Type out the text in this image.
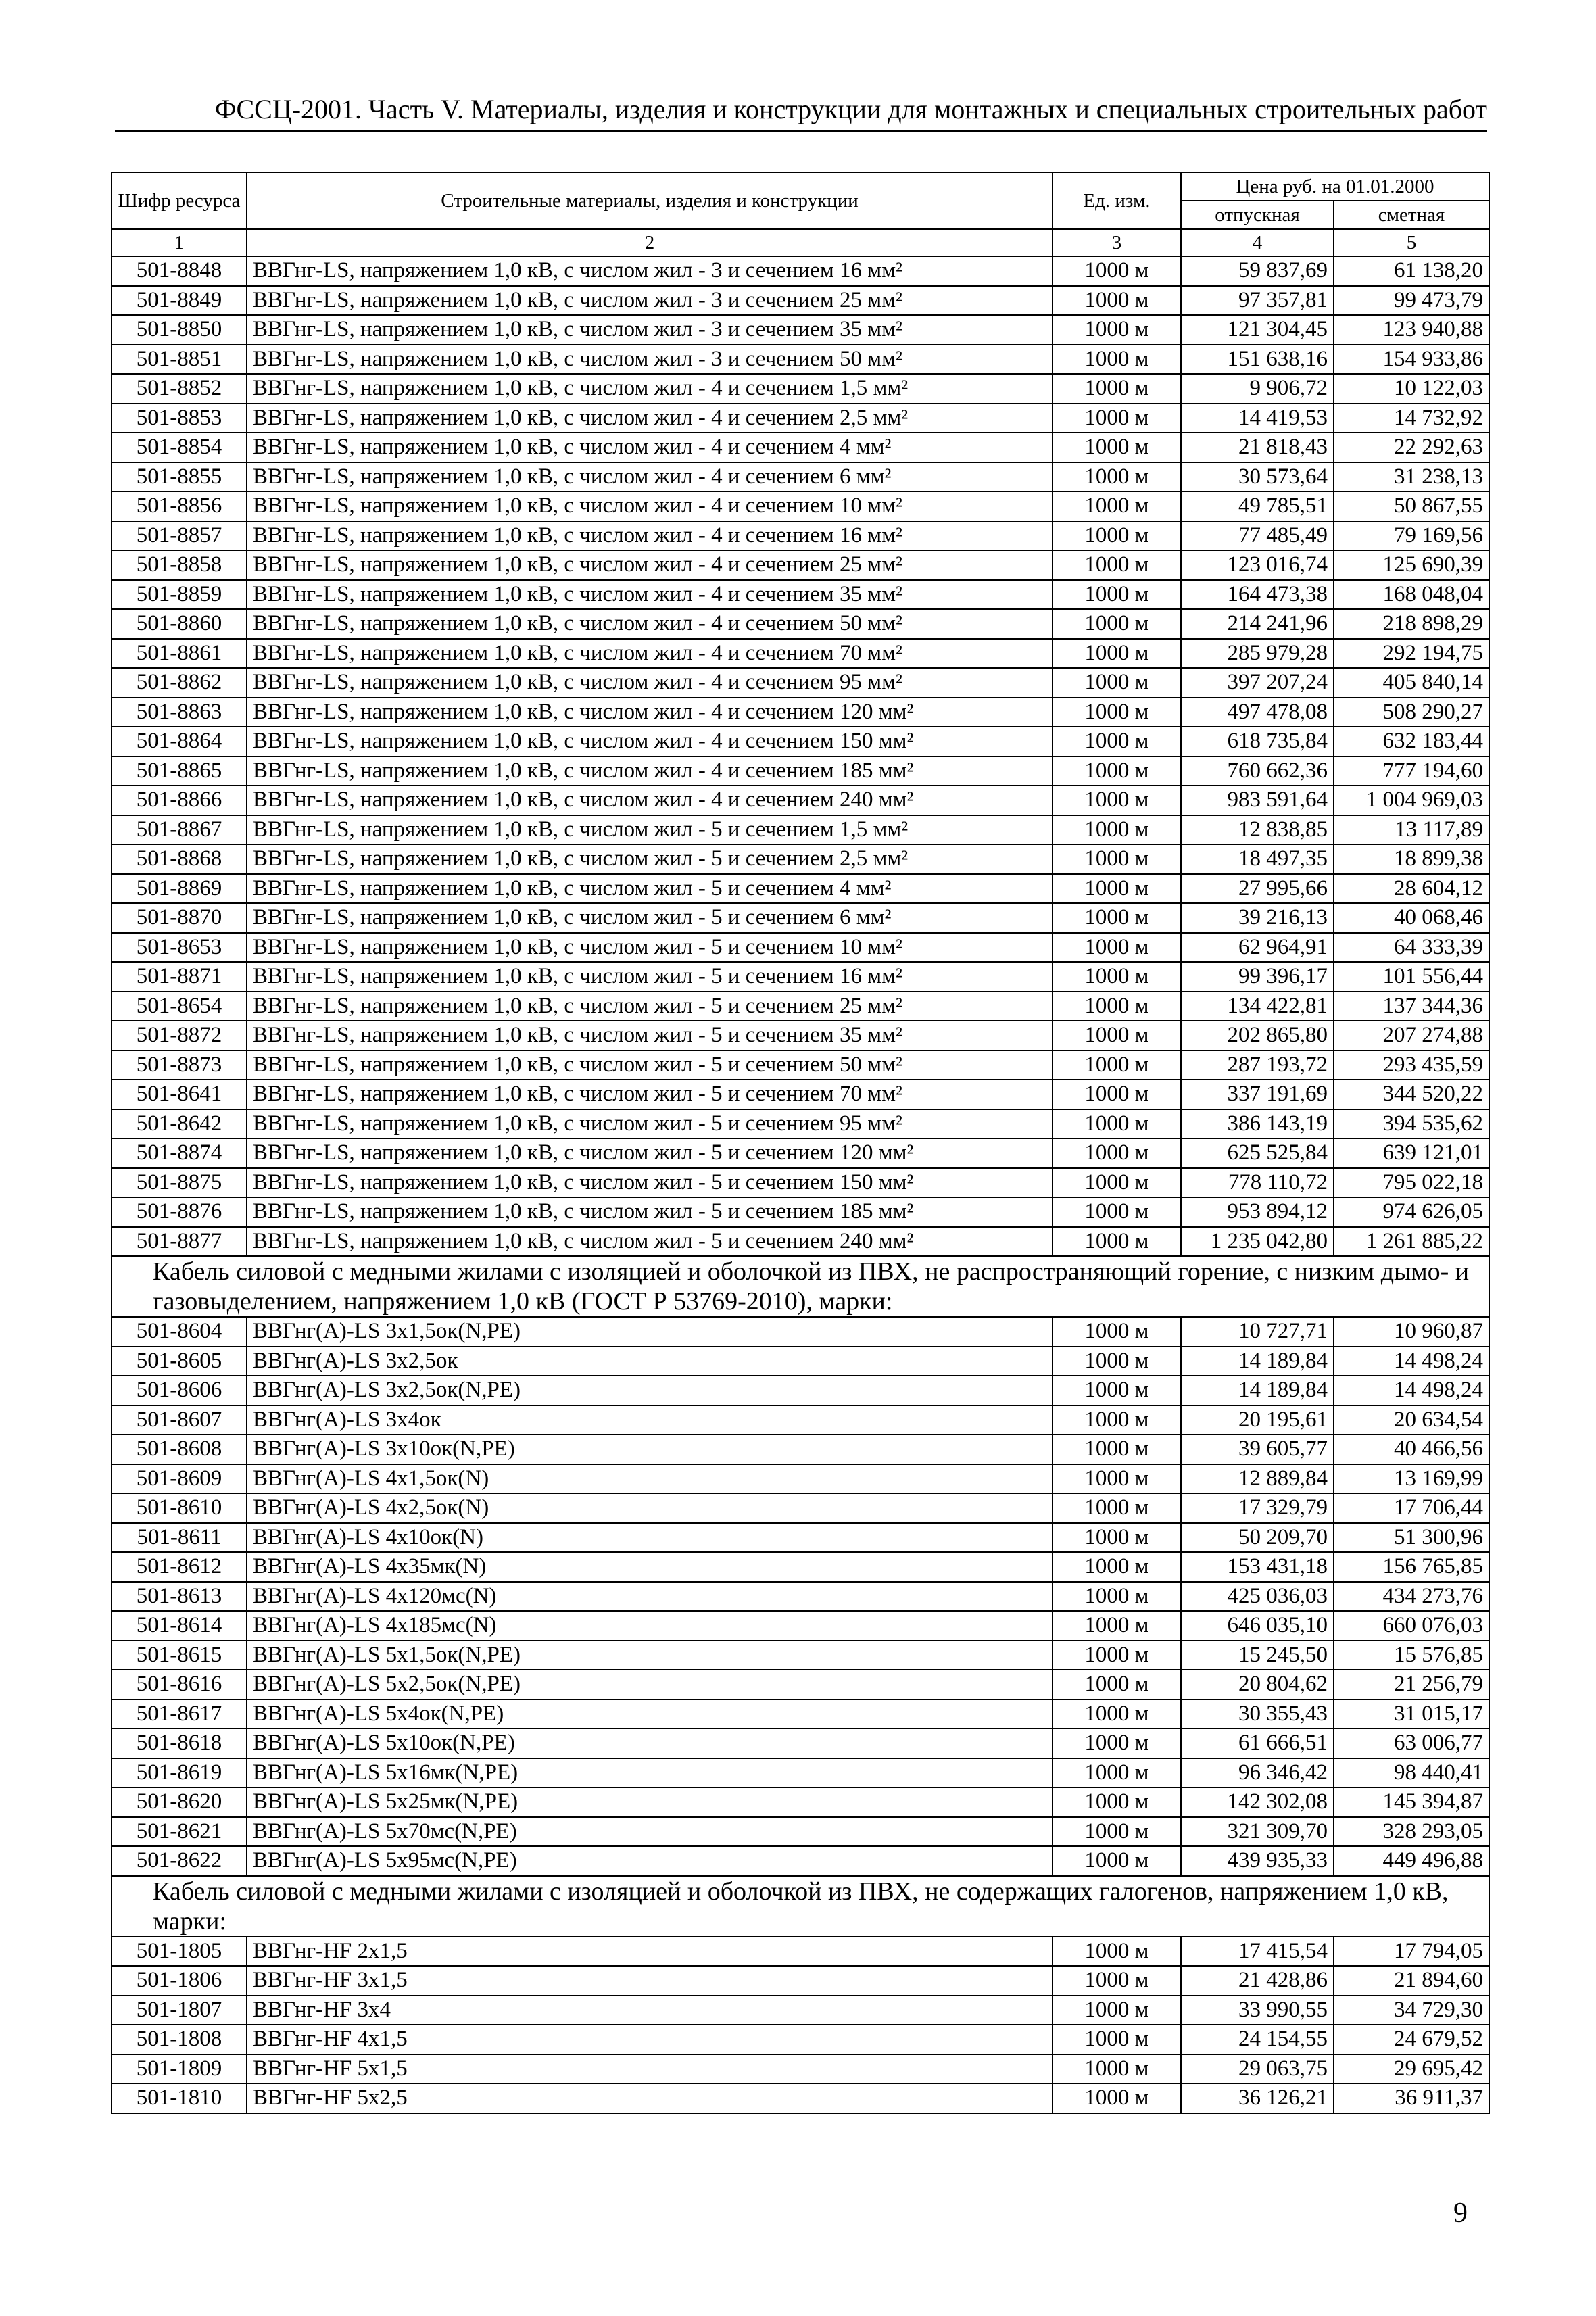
ФССЦ-2001. Часть V. Материалы, изделия и конструкции для монтажных и специальных строительных работ
Шифр ресурса	Строительные материалы, изделия и конструкции	Ед. изм.	Цена руб. на 01.01.2000	
			отпускная	сметная
1	2	3	4	5
501-8848	ВВГнг-LS, напряжением 1,0 кВ, с числом жил - 3 и сечением 16 мм²	1000 м	59 837,69	61 138,20
501-8849	ВВГнг-LS, напряжением 1,0 кВ, с числом жил - 3 и сечением 25 мм²	1000 м	97 357,81	99 473,79
501-8850	ВВГнг-LS, напряжением 1,0 кВ, с числом жил - 3 и сечением 35 мм²	1000 м	121 304,45	123 940,88
501-8851	ВВГнг-LS, напряжением 1,0 кВ, с числом жил - 3 и сечением 50 мм²	1000 м	151 638,16	154 933,86
501-8852	ВВГнг-LS, напряжением 1,0 кВ, с числом жил - 4 и сечением 1,5 мм²	1000 м	9 906,72	10 122,03
501-8853	ВВГнг-LS, напряжением 1,0 кВ, с числом жил - 4 и сечением 2,5 мм²	1000 м	14 419,53	14 732,92
501-8854	ВВГнг-LS, напряжением 1,0 кВ, с числом жил - 4 и сечением 4 мм²	1000 м	21 818,43	22 292,63
501-8855	ВВГнг-LS, напряжением 1,0 кВ, с числом жил - 4 и сечением 6 мм²	1000 м	30 573,64	31 238,13
501-8856	ВВГнг-LS, напряжением 1,0 кВ, с числом жил - 4 и сечением 10 мм²	1000 м	49 785,51	50 867,55
501-8857	ВВГнг-LS, напряжением 1,0 кВ, с числом жил - 4 и сечением 16 мм²	1000 м	77 485,49	79 169,56
501-8858	ВВГнг-LS, напряжением 1,0 кВ, с числом жил - 4 и сечением 25 мм²	1000 м	123 016,74	125 690,39
501-8859	ВВГнг-LS, напряжением 1,0 кВ, с числом жил - 4 и сечением 35 мм²	1000 м	164 473,38	168 048,04
501-8860	ВВГнг-LS, напряжением 1,0 кВ, с числом жил - 4 и сечением 50 мм²	1000 м	214 241,96	218 898,29
501-8861	ВВГнг-LS, напряжением 1,0 кВ, с числом жил - 4 и сечением 70 мм²	1000 м	285 979,28	292 194,75
501-8862	ВВГнг-LS, напряжением 1,0 кВ, с числом жил - 4 и сечением 95 мм²	1000 м	397 207,24	405 840,14
501-8863	ВВГнг-LS, напряжением 1,0 кВ, с числом жил - 4 и сечением 120 мм²	1000 м	497 478,08	508 290,27
501-8864	ВВГнг-LS, напряжением 1,0 кВ, с числом жил - 4 и сечением 150 мм²	1000 м	618 735,84	632 183,44
501-8865	ВВГнг-LS, напряжением 1,0 кВ, с числом жил - 4 и сечением 185 мм²	1000 м	760 662,36	777 194,60
501-8866	ВВГнг-LS, напряжением 1,0 кВ, с числом жил - 4 и сечением 240 мм²	1000 м	983 591,64	1 004 969,03
501-8867	ВВГнг-LS, напряжением 1,0 кВ, с числом жил - 5 и сечением 1,5 мм²	1000 м	12 838,85	13 117,89
501-8868	ВВГнг-LS, напряжением 1,0 кВ, с числом жил - 5 и сечением 2,5 мм²	1000 м	18 497,35	18 899,38
501-8869	ВВГнг-LS, напряжением 1,0 кВ, с числом жил - 5 и сечением 4 мм²	1000 м	27 995,66	28 604,12
501-8870	ВВГнг-LS, напряжением 1,0 кВ, с числом жил - 5 и сечением 6 мм²	1000 м	39 216,13	40 068,46
501-8653	ВВГнг-LS, напряжением 1,0 кВ, с числом жил - 5 и сечением 10 мм²	1000 м	62 964,91	64 333,39
501-8871	ВВГнг-LS, напряжением 1,0 кВ, с числом жил - 5 и сечением 16 мм²	1000 м	99 396,17	101 556,44
501-8654	ВВГнг-LS, напряжением 1,0 кВ, с числом жил - 5 и сечением 25 мм²	1000 м	134 422,81	137 344,36
501-8872	ВВГнг-LS, напряжением 1,0 кВ, с числом жил - 5 и сечением 35 мм²	1000 м	202 865,80	207 274,88
501-8873	ВВГнг-LS, напряжением 1,0 кВ, с числом жил - 5 и сечением 50 мм²	1000 м	287 193,72	293 435,59
501-8641	ВВГнг-LS, напряжением 1,0 кВ, с числом жил - 5 и сечением 70 мм²	1000 м	337 191,69	344 520,22
501-8642	ВВГнг-LS, напряжением 1,0 кВ, с числом жил - 5 и сечением 95 мм²	1000 м	386 143,19	394 535,62
501-8874	ВВГнг-LS, напряжением 1,0 кВ, с числом жил - 5 и сечением 120 мм²	1000 м	625 525,84	639 121,01
501-8875	ВВГнг-LS, напряжением 1,0 кВ, с числом жил - 5 и сечением 150 мм²	1000 м	778 110,72	795 022,18
501-8876	ВВГнг-LS, напряжением 1,0 кВ, с числом жил - 5 и сечением 185 мм²	1000 м	953 894,12	974 626,05
501-8877	ВВГнг-LS, напряжением 1,0 кВ, с числом жил - 5 и сечением 240 мм²	1000 м	1 235 042,80	1 261 885,22
Кабель силовой с медными жилами с изоляцией и оболочкой из ПВХ, не распространяющий горение, с низким дымо- и газовыделением, напряжением 1,0 кВ (ГОСТ Р 53769-2010), марки:				
501-8604	ВВГнг(А)-LS 3х1,5ок(N,PE)	1000 м	10 727,71	10 960,87
501-8605	ВВГнг(А)-LS 3х2,5ок	1000 м	14 189,84	14 498,24
501-8606	ВВГнг(А)-LS 3х2,5ок(N,PE)	1000 м	14 189,84	14 498,24
501-8607	ВВГнг(А)-LS 3х4ок	1000 м	20 195,61	20 634,54
501-8608	ВВГнг(А)-LS 3х10ок(N,PE)	1000 м	39 605,77	40 466,56
501-8609	ВВГнг(А)-LS 4х1,5ок(N)	1000 м	12 889,84	13 169,99
501-8610	ВВГнг(А)-LS 4х2,5ок(N)	1000 м	17 329,79	17 706,44
501-8611	ВВГнг(А)-LS 4х10ок(N)	1000 м	50 209,70	51 300,96
501-8612	ВВГнг(А)-LS 4х35мк(N)	1000 м	153 431,18	156 765,85
501-8613	ВВГнг(А)-LS 4х120мс(N)	1000 м	425 036,03	434 273,76
501-8614	ВВГнг(А)-LS 4х185мс(N)	1000 м	646 035,10	660 076,03
501-8615	ВВГнг(А)-LS 5х1,5ок(N,PE)	1000 м	15 245,50	15 576,85
501-8616	ВВГнг(А)-LS 5х2,5ок(N,PE)	1000 м	20 804,62	21 256,79
501-8617	ВВГнг(А)-LS 5х4ок(N,PE)	1000 м	30 355,43	31 015,17
501-8618	ВВГнг(А)-LS 5х10ок(N,PE)	1000 м	61 666,51	63 006,77
501-8619	ВВГнг(А)-LS 5х16мк(N,PE)	1000 м	96 346,42	98 440,41
501-8620	ВВГнг(А)-LS 5х25мк(N,PE)	1000 м	142 302,08	145 394,87
501-8621	ВВГнг(А)-LS 5х70мс(N,PE)	1000 м	321 309,70	328 293,05
501-8622	ВВГнг(А)-LS 5х95мс(N,PE)	1000 м	439 935,33	449 496,88
Кабель силовой с медными жилами с изоляцией и оболочкой из ПВХ, не содержащих галогенов, напряжением 1,0 кВ, марки:				
501-1805	ВВГнг-HF 2х1,5	1000 м	17 415,54	17 794,05
501-1806	ВВГнг-HF 3х1,5	1000 м	21 428,86	21 894,60
501-1807	ВВГнг-HF 3х4	1000 м	33 990,55	34 729,30
501-1808	ВВГнг-HF 4х1,5	1000 м	24 154,55	24 679,52
501-1809	ВВГнг-HF 5х1,5	1000 м	29 063,75	29 695,42
501-1810	ВВГнг-HF 5х2,5	1000 м	36 126,21	36 911,37
9
